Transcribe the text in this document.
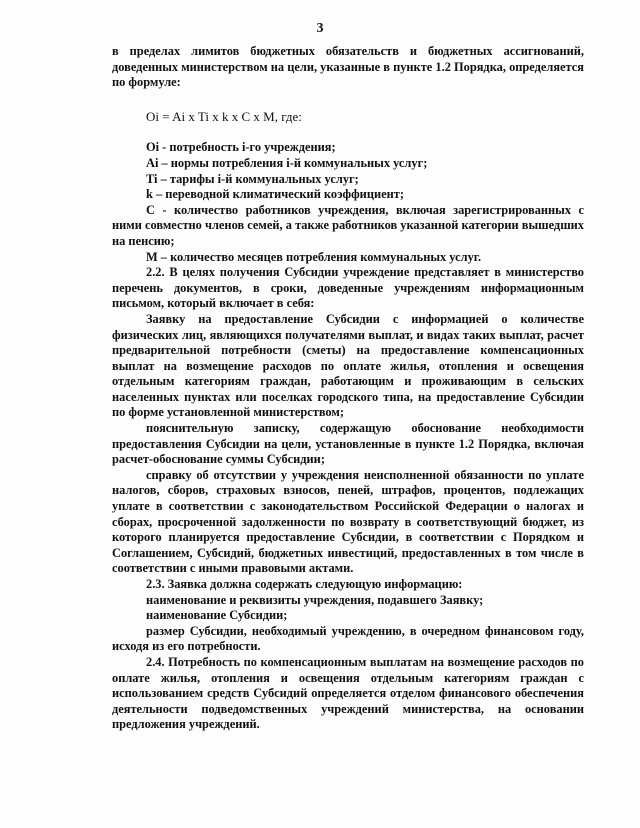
3

в пределах лимитов бюджетных обязательств и бюджетных ассигнований, доведенных министерством на цели, указанные в пункте 1.2 Порядка, определяется по формуле:

Oi = Ai x Ti x k x C x M, где:

Oi - потребность i-го учреждения;

Ai – нормы потребления i-й коммунальных услуг;

Ti – тарифы i-й коммунальных услуг;

k – переводной климатический коэффициент;

С - количество работников учреждения, включая зарегистрированных с ними совместно членов семей, а также работников указанной категории вышедших на пенсию;

М – количество месяцев потребления коммунальных услуг.

2.2. В целях получения Субсидии учреждение представляет в министерство перечень документов, в сроки, доведенные учреждениям информационным письмом, который включает в себя:

Заявку на предоставление Субсидии с информацией о количестве физических лиц, являющихся получателями выплат, и видах таких выплат, расчет предварительной потребности (сметы) на предоставление компенсационных выплат на возмещение расходов по оплате жилья, отопления и освещения отдельным категориям граждан, работающим и проживающим в сельских населенных пунктах или поселках городского типа, на предоставление Субсидии по форме установленной министерством;

пояснительную записку, содержащую обоснование необходимости предоставления Субсидии на цели, установленные в пункте 1.2 Порядка, включая расчет-обоснование суммы Субсидии;

справку об отсутствии у учреждения неисполненной обязанности по уплате налогов, сборов, страховых взносов, пеней, штрафов, процентов, подлежащих уплате в соответствии с законодательством Российской Федерации о налогах и сборах, просроченной задолженности по возврату в соответствующий бюджет, из которого планируется предоставление Субсидии, в соответствии с Порядком и Соглашением, Субсидий, бюджетных инвестиций, предоставленных в том числе в соответствии с иными правовыми актами.

2.3. Заявка должна содержать следующую информацию:

наименование и реквизиты учреждения, подавшего Заявку;

наименование Субсидии;

размер Субсидии, необходимый учреждению, в очередном финансовом году, исходя из его потребности.

2.4. Потребность по компенсационным выплатам на возмещение расходов по оплате жилья, отопления и освещения отдельным категориям граждан с использованием средств Субсидий определяется отделом финансового обеспечения деятельности подведомственных учреждений министерства, на основании предложения учреждений.
